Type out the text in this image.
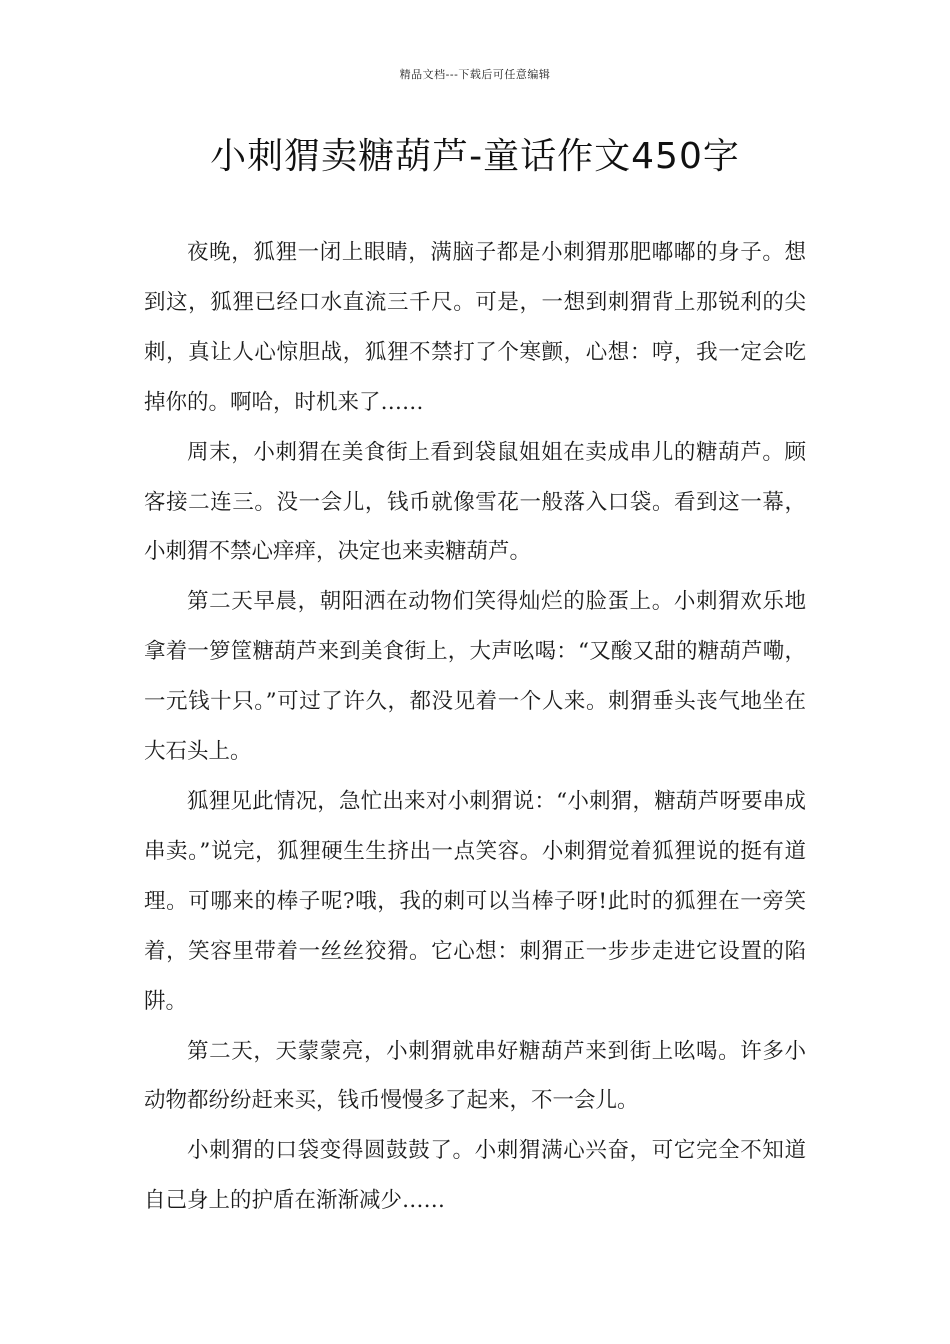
精品文档---下载后可任意编辑
小刺猬卖糖葫芦-童话作文450字

夜晚，狐狸一闭上眼睛，满脑子都是小刺猬那肥嘟嘟的身子。想到这，狐狸已经口水直流三千尺。可是，一想到刺猬背上那锐利的尖刺，真让人心惊胆战，狐狸不禁打了个寒颤，心想：哼，我一定会吃掉你的。啊哈，时机来了……

周末，小刺猬在美食街上看到袋鼠姐姐在卖成串儿的糖葫芦。顾客接二连三。没一会儿，钱币就像雪花一般落入口袋。看到这一幕，小刺猬不禁心痒痒，决定也来卖糖葫芦。

第二天早晨，朝阳洒在动物们笑得灿烂的脸蛋上。小刺猬欢乐地拿着一箩筐糖葫芦来到美食街上，大声吆喝：“又酸又甜的糖葫芦嘞，一元钱十只。”可过了许久，都没见着一个人来。刺猬垂头丧气地坐在大石头上。

狐狸见此情况，急忙出来对小刺猬说：“小刺猬，糖葫芦呀要串成串卖。”说完，狐狸硬生生挤出一点笑容。小刺猬觉着狐狸说的挺有道理。可哪来的棒子呢?哦，我的刺可以当棒子呀!此时的狐狸在一旁笑着，笑容里带着一丝丝狡猾。它心想：刺猬正一步步走进它设置的陷阱。

第二天，天蒙蒙亮，小刺猬就串好糖葫芦来到街上吆喝。许多小动物都纷纷赶来买，钱币慢慢多了起来，不一会儿。

小刺猬的口袋变得圆鼓鼓了。小刺猬满心兴奋，可它完全不知道自己身上的护盾在渐渐减少……
